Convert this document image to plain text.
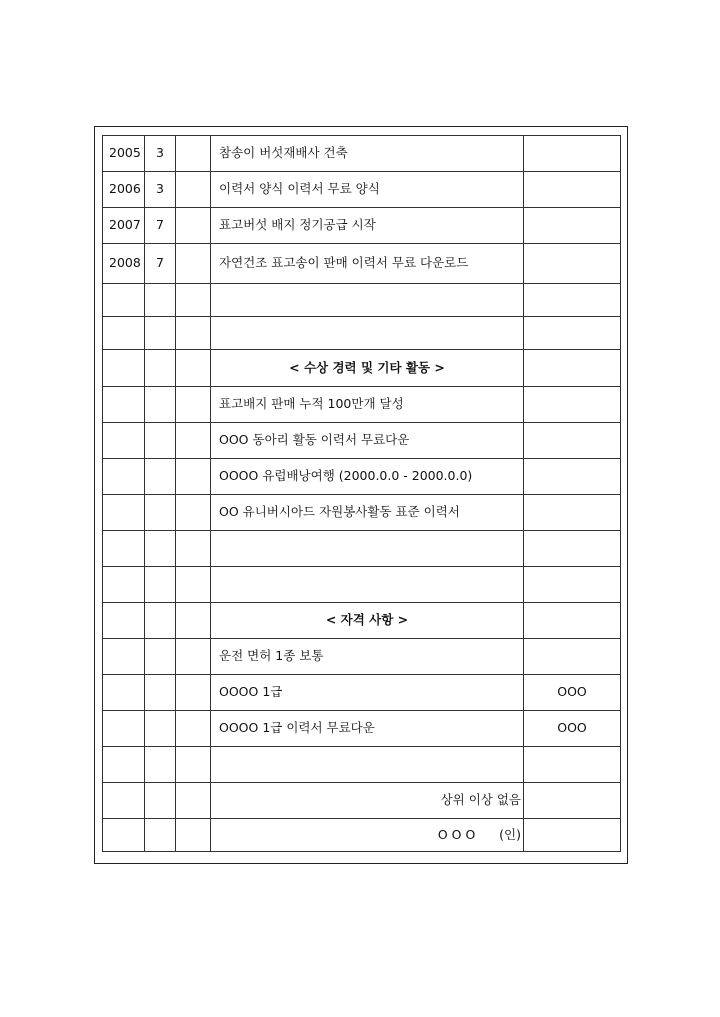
2005	3		참송이 버섯재배사 건축	
2006	3		이력서 양식 이력서 무료 양식	
2007	7		표고버섯 배지 정기공급 시작	
2008	7		자연건조 표고송이 판매 이력서 무료 다운로드	

			< 수상 경력 및 기타 활동 >	
			표고배지 판매 누적 100만개 달성	
			OOO 동아리 활동 이력서 무료다운	
			OOOO 유럽배낭여행 (2000.0.0 - 2000.0.0)	
			OO 유니버시아드 자원봉사활동 표준 이력서	

			< 자격 사항 >	
			운전 면허 1종 보통	
			OOOO 1급	OOO
			OOOO 1급 이력서 무료다운	OOO

			상위 이상 없음	
			O O O      (인)	
